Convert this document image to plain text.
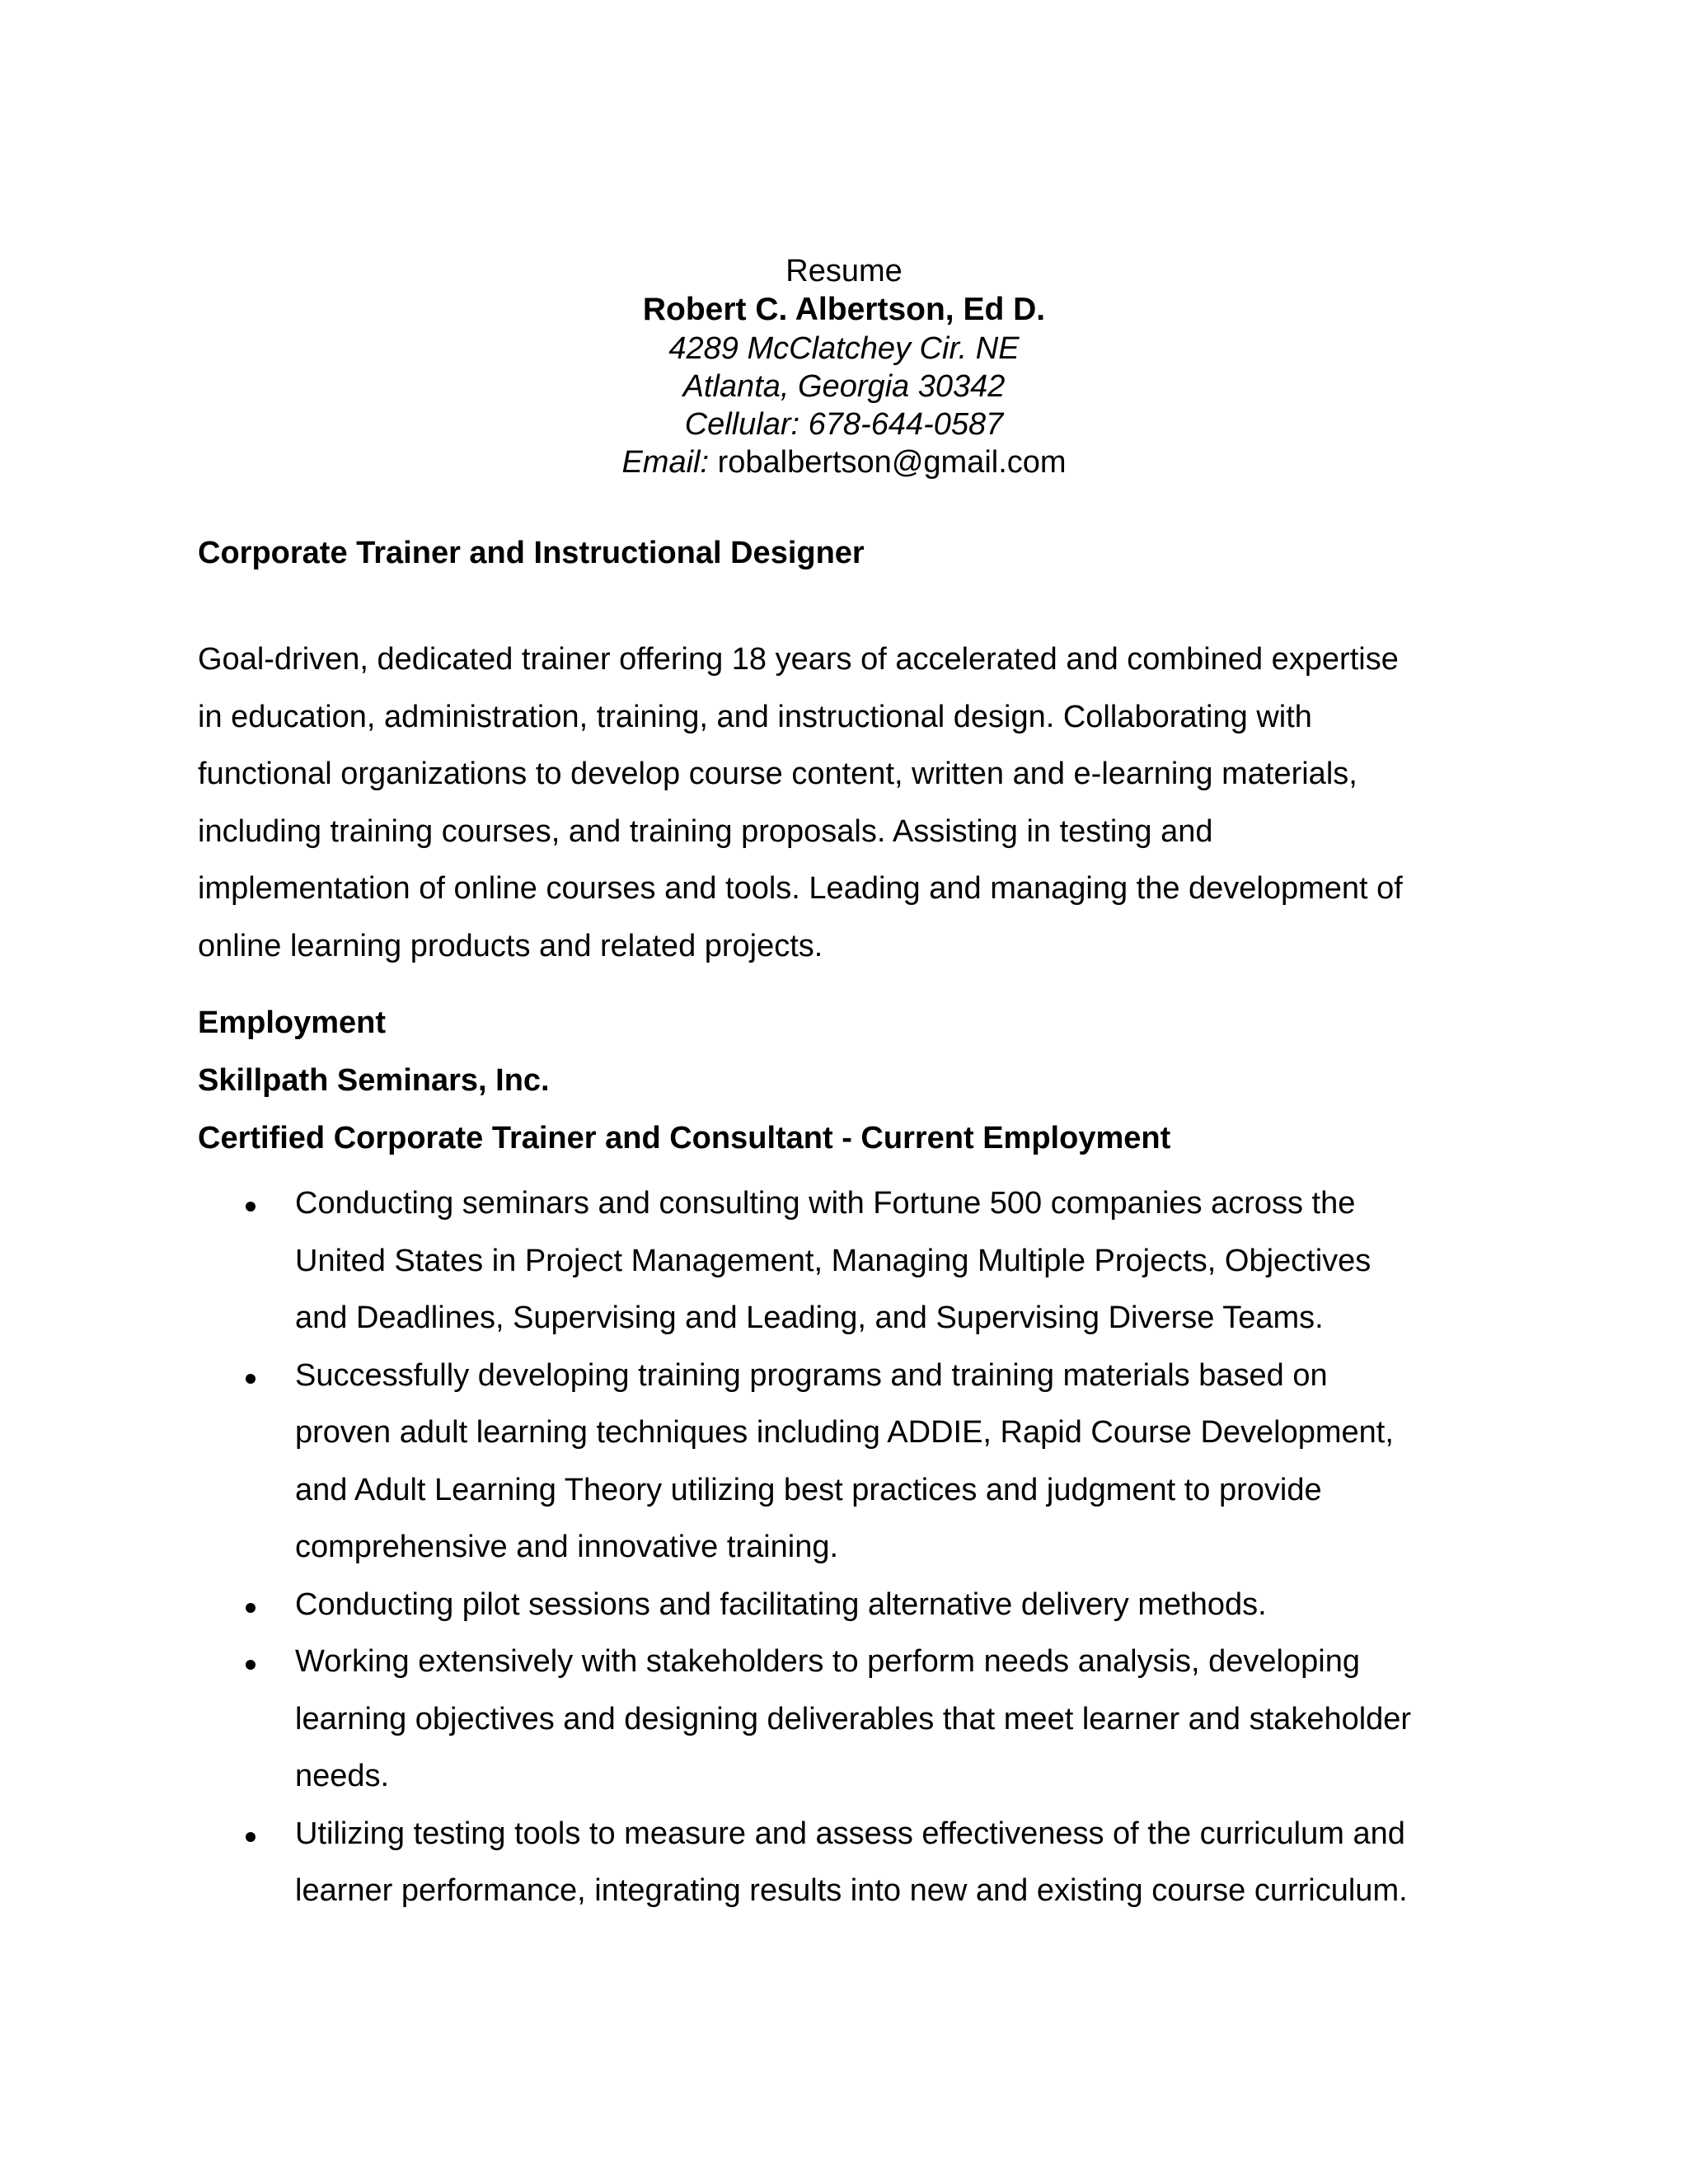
Resume
Robert C. Albertson, Ed D.
4289 McClatchey Cir. NE
Atlanta, Georgia 30342
Cellular: 678-644-0587
Email: robalbertson@gmail.com
Corporate Trainer and Instructional Designer
Goal-driven, dedicated trainer offering 18 years of accelerated and combined expertise
in education, administration, training, and instructional design. Collaborating with
functional organizations to develop course content, written and e-learning materials,
including training courses, and training proposals. Assisting in testing and
implementation of online courses and tools. Leading and managing the development of
online learning products and related projects.
Employment
Skillpath Seminars, Inc.
Certified Corporate Trainer and Consultant - Current Employment
Conducting seminars and consulting with Fortune 500 companies across the
United States in Project Management, Managing Multiple Projects, Objectives
and Deadlines, Supervising and Leading, and Supervising Diverse Teams.
Successfully developing training programs and training materials based on
proven adult learning techniques including ADDIE, Rapid Course Development,
and Adult Learning Theory utilizing best practices and judgment to provide
comprehensive and innovative training.
Conducting pilot sessions and facilitating alternative delivery methods.
Working extensively with stakeholders to perform needs analysis, developing
learning objectives and designing deliverables that meet learner and stakeholder
needs.
Utilizing testing tools to measure and assess effectiveness of the curriculum and
learner performance, integrating results into new and existing course curriculum.
